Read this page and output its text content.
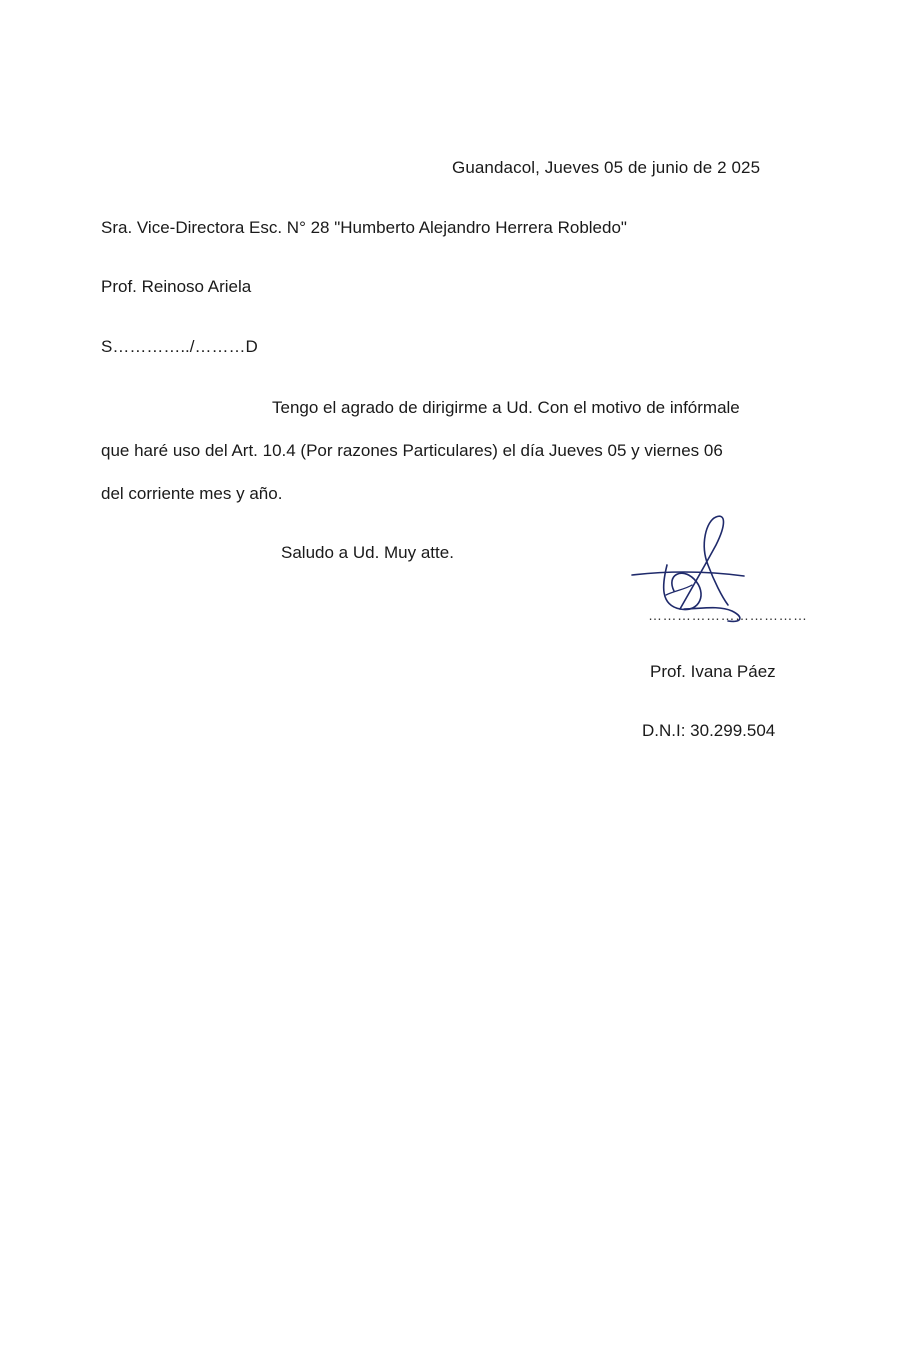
Guandacol, Jueves 05 de junio de 2 025
Sra. Vice-Directora Esc. N° 28 "Humberto Alejandro Herrera Robledo"
Prof. Reinoso Ariela
S…………../………D
Tengo el agrado de dirigirme a Ud. Con el motivo de infórmale
que haré uso del Art. 10.4 (Por razones Particulares) el día Jueves 05 y viernes 06
del corriente mes y año.
Saludo a Ud. Muy atte.
……………………………
Prof. Ivana Páez
D.N.I: 30.299.504
